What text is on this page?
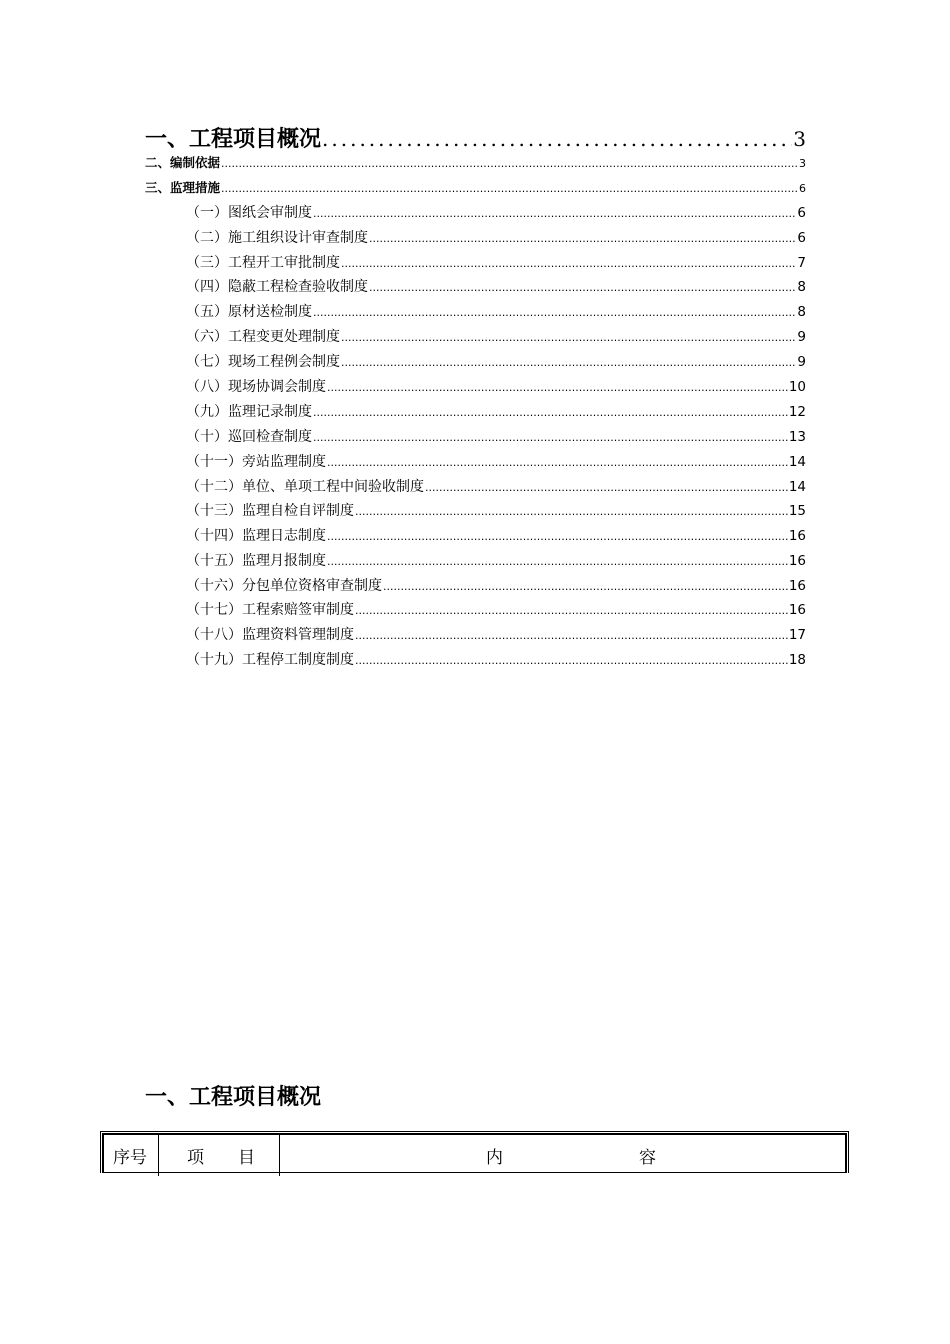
一、工程项目概况 .....	3
二、编制依据 .....	3
三、监理措施 .....	6
（一）图纸会审制度 .....	6
（二）施工组织设计审查制度 .....	6
（三）工程开工审批制度 .....	7
（四）隐蔽工程检查验收制度 .....	8
（五）原材送检制度 .....	8
（六）工程变更处理制度 .....	9
（七）现场工程例会制度 .....	9
（八）现场协调会制度 .....	10
（九）监理记录制度 .....	12
（十）巡回检查制度 .....	13
（十一）旁站监理制度 .....	14
（十二）单位、单项工程中间验收制度 .....	14
（十三）监理自检自评制度 .....	15
（十四）监理日志制度 .....	16
（十五）监理月报制度 .....	16
（十六）分包单位资格审查制度 .....	16
（十七）工程索赔签审制度 .....	16
（十八）监理资料管理制度 .....	17
（十九）工程停工制度制度 .....	18
一、工程项目概况
序号	项　　目	内　　　　　　　　容
